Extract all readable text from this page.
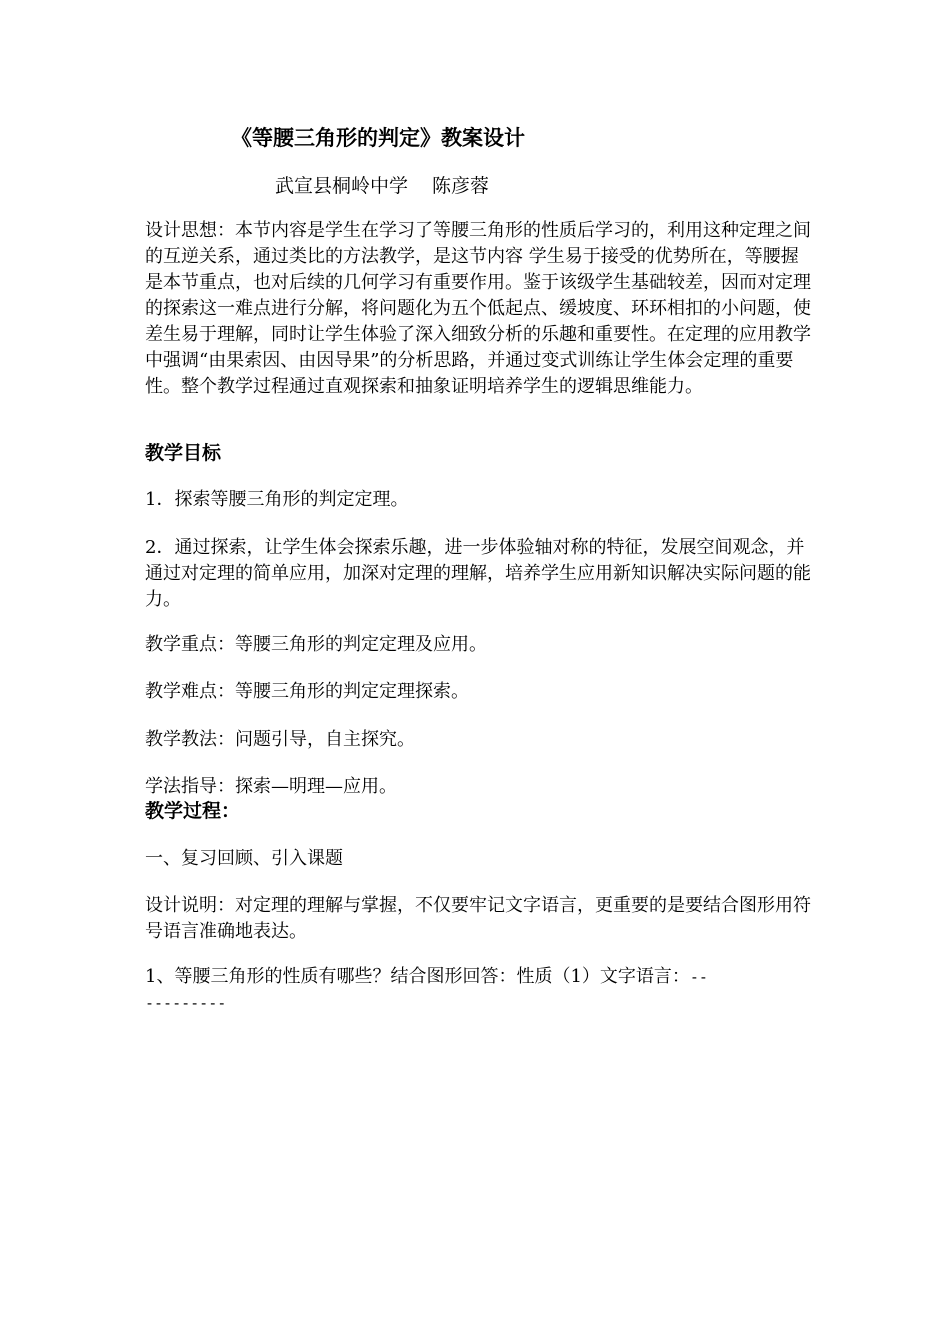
《等腰三角形的判定》教案设计
武宣县桐岭中学 陈彦蓉

设计思想：本节内容是学生在学习了等腰三角形的性质后学习的，利用这种定理之间的互逆关系，通过类比的方法教学，是这节内容 学生易于接受的优势所在，等腰握是本节重点，也对后续的几何学习有重要作用。鉴于该级学生基础较差，因而对定理的探索这一难点进行分解，将问题化为五个低起点、缓坡度、环环相扣的小问题，使差生易于理解，同时让学生体验了深入细致分析的乐趣和重要性。在定理的应用教学中强调“由果索因、由因导果”的分析思路，并通过变式训练让学生体会定理的重要性。整个教学过程通过直观探索和抽象证明培养学生的逻辑思维能力。

教学目标
1．探索等腰三角形的判定定理。
2．通过探索，让学生体会探索乐趣，进一步体验轴对称的特征，发展空间观念，并通过对定理的简单应用，加深对定理的理解，培养学生应用新知识解决实际问题的能力。
教学重点：等腰三角形的判定定理及应用。
教学难点：等腰三角形的判定定理探索。
教学教法：问题引导，自主探究。
学法指导：探索—明理—应用。
教学过程：
一、复习回顾、引入课题
设计说明：对定理的理解与掌握，不仅要牢记文字语言，更重要的是要结合图形用符号语言准确地表达。
1、等腰三角形的性质有哪些？结合图形回答：性质（1）文字语言：-----------
